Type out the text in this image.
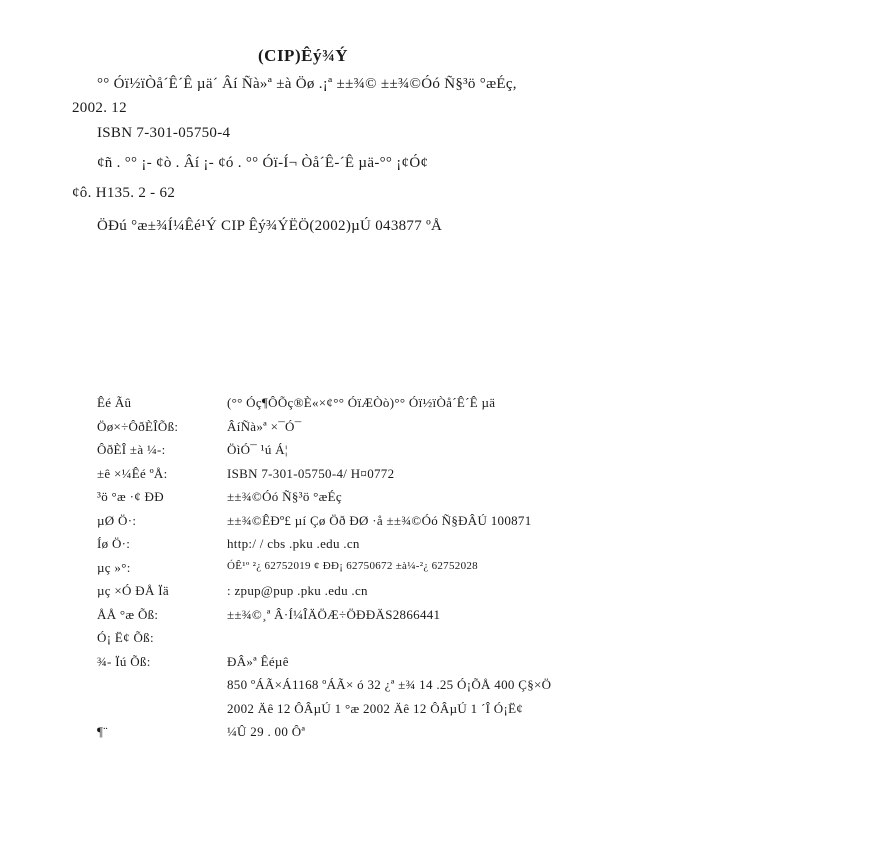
(CIP)Êý¾Ý
°° Óï½ïÒå´Ê´Ê µä´ Âí Ñà»ª ±à Öø .¡ª ±±¾© ±±¾©Óó Ñ§³ö °æÉç,
2002. 12
ISBN 7-301-05750-4
¢ñ . °° ¡- ¢ò . Âí ¡- ¢ó . °° Óï-Í¬ Òå´Ê-´Ê µä-°° ¡¢Ó¢
¢ô. H135. 2 - 62
ÖÐú °æ±¾Í¼Êé¹Ý CIP Êý¾ÝËÖ(2002)µÚ 043877 ºÅ
Êé Ãû	(°° Óç¶ÔÕç®È«×¢°° ÓïÆÒò)°° Óï½ïÒå´Ê´Ê µä
Öø×÷ÔðÈÎÕß:	ÂíÑà»ª ×¯Ó¯
ÔðÈÎ ±à ¼-:	ÖìÓ¯ ¹ú Á¦
±ê ×¼Êé ºÅ:	ISBN 7-301-05750-4/ H¤0772
³ö °æ ·¢ ÐÐ	±±¾©Óó Ñ§³ö °æÉç
µØ Ö·:	±±¾©ÊÐº£ µí Çø Öð ÐØ ·å ±±¾©Óó Ñ§ÐÂÚ 100871
Íø Ö·:	http:/ / cbs .pku .edu .cn
µç »°:	ÓÊ¹º ²¿ 62752019 ¢ ÐÐ¡ 62750672 ±à¼-²¿ 62752028
µç ×Ó ÐÅ Ïä	: zpup@pup .pku .edu .cn
ÅÅ °æ Õß:	±±¾©¸ª Â·Í¼ÎÄÖÆ÷ÖÐÐÄS2866441
Ó¡ Ë¢ Õß:
¾- Ïú Õß:	ÐÂ»ª Êéµê
850 ºÁÃ×Á1168 ºÁÃ× ó 32 ¿ª ±¾ 14 .25 Ó¡ÕÅ 400 Ç§×Ö
2002 Äê 12 ÔÂµÚ 1 °æ 2002 Äê 12 ÔÂµÚ 1 ´Î Ó¡Ë¢
¶¨	¼Û 29 . 00 Ôª
